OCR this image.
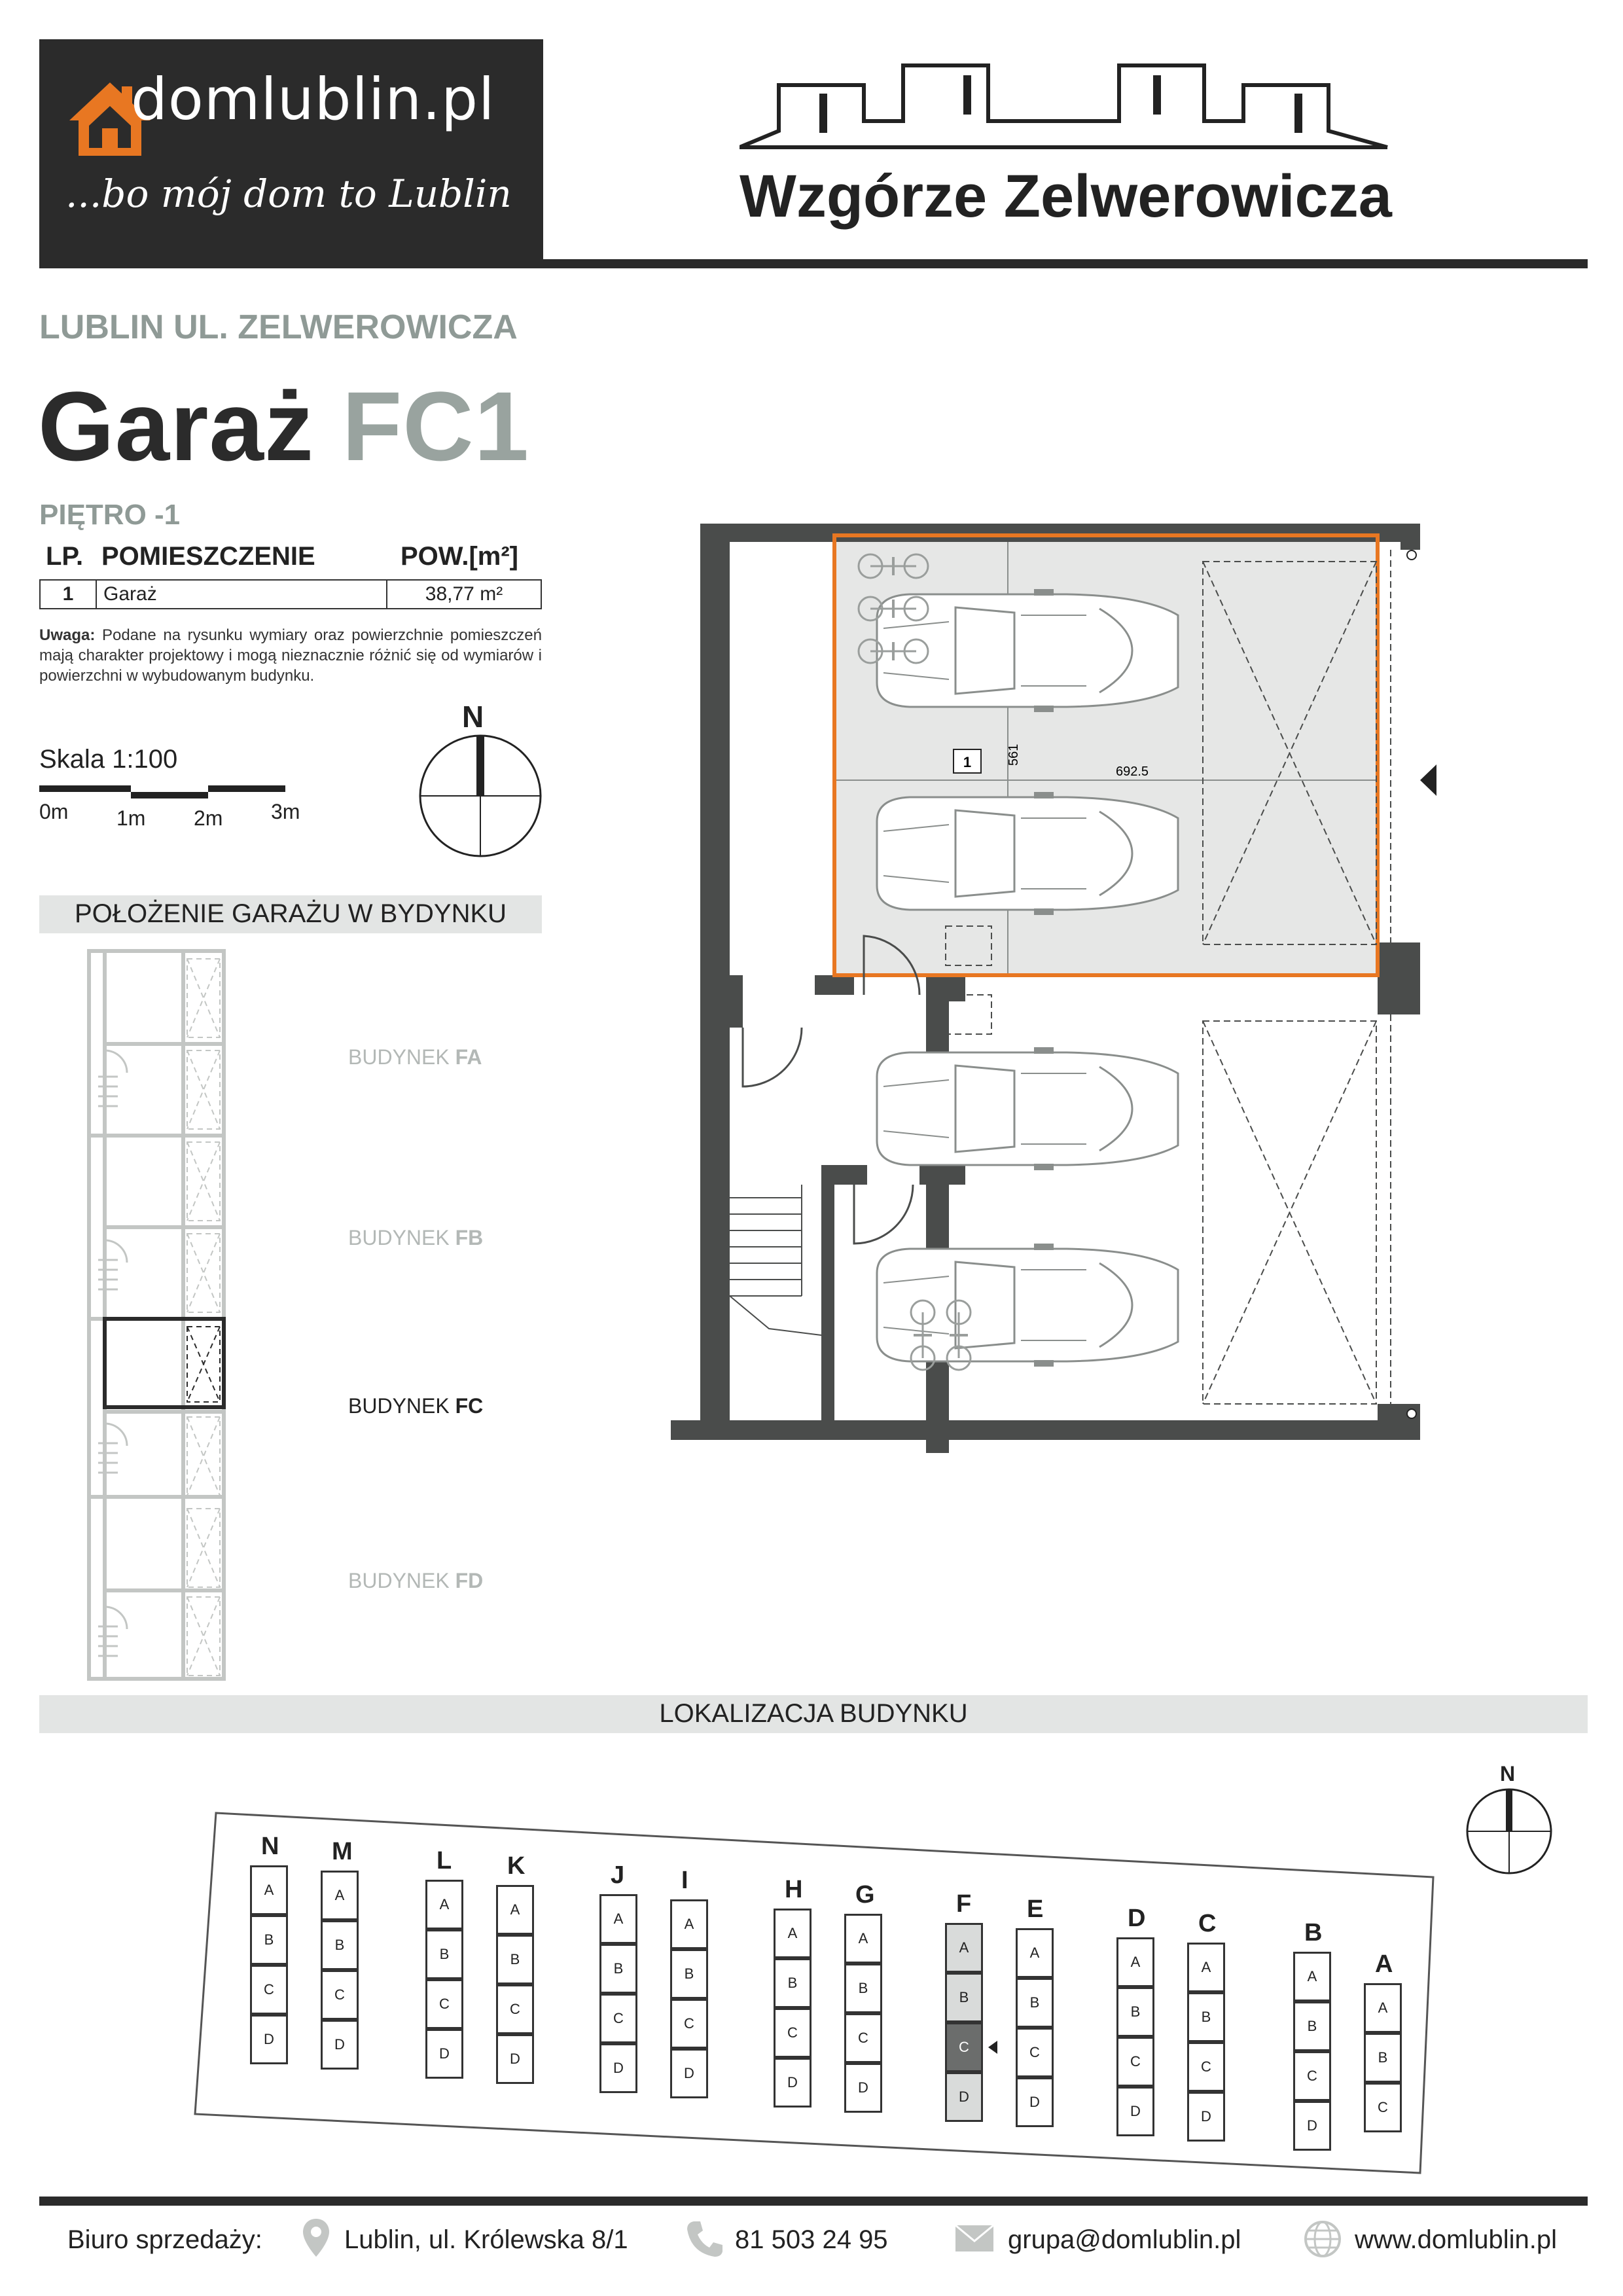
domlublin.pl
...bo mój dom to Lublin	Wzgórze Zelwerowicza
LUBLIN UL. ZELWEROWICZA
Garaż FC1
PIĘTRO -1
LP. POMIESZCZENIE	POW.[m²]
1	Garaż	38,77 m²
Uwaga: Podane na rysunku wymiary oraz powierzchnie pomieszczeń mają charakter projektowy i mogą nieznacznie różnić się od wymiarów i powierzchni w wybudowanym budynku.
Skala 1:100
0m 1m 2m 3m
N
POŁOŻENIE GARAŻU W BYDYNKU
BUDYNEK FA
BUDYNEK FB
BUDYNEK FC
BUDYNEK FD
1
692.5
561
LOKALIZACJA BUDYNKU
N
A
B
C
D
M
A
B
C
D
L
A
B
C
D
K
A
B
C
D
J
A
B
C
D
I
A
B
C
D
H
A
B
C
D
G
A
B
C
D
F
A
B
C
D
E
A
B
C
D
D
A
B
C
D
C
A
B
C
D
B
A
B
C
D
A
A
B
C
N
Biuro sprzedaży:	Lublin, ul. Królewska 8/1	81 503 24 95	grupa@domlublin.pl	www.domlublin.pl
